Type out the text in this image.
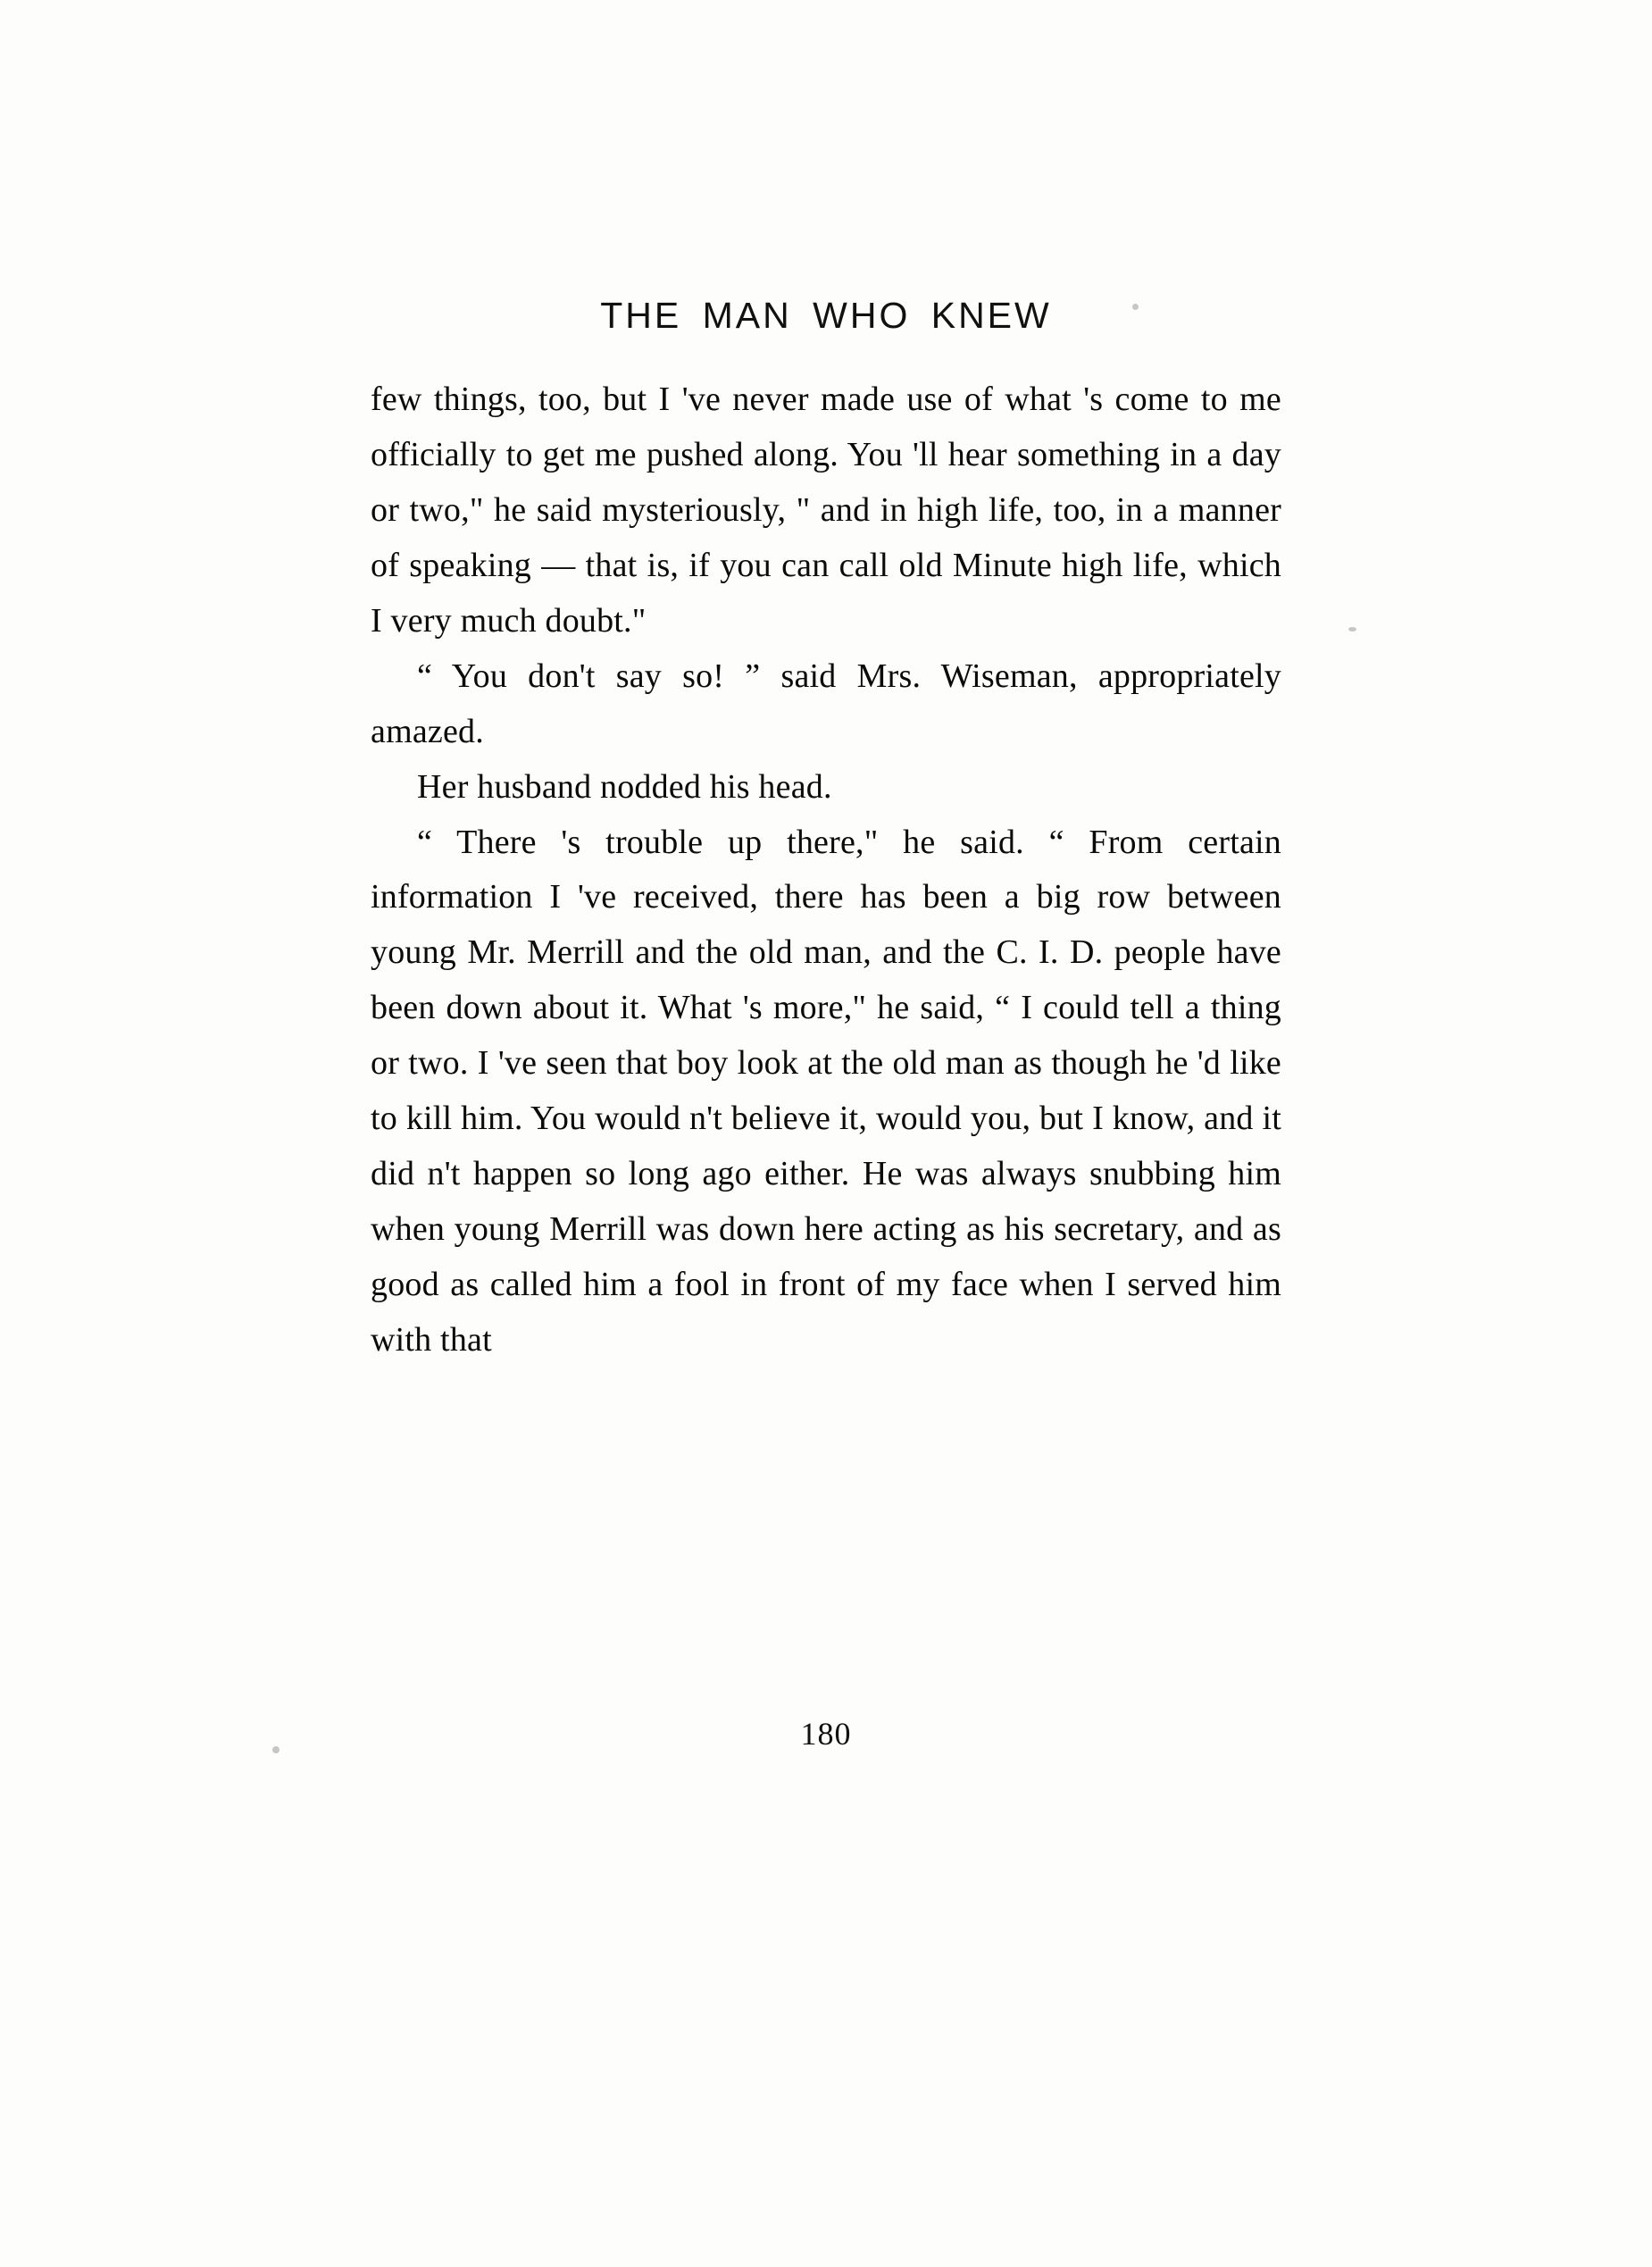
THE MAN WHO KNEW

few things, too, but I 've never made use of what 's come to me officially to get me pushed along. You 'll hear something in a day or two," he said mysteriously, " and in high life, too, in a manner of speaking — that is, if you can call old Minute high life, which I very much doubt."

“ You don't say so! ” said Mrs. Wiseman, appropriately amazed.

Her husband nodded his head.

“ There 's trouble up there," he said. “ From certain information I 've received, there has been a big row between young Mr. Merrill and the old man, and the C. I. D. people have been down about it. What 's more," he said, “ I could tell a thing or two. I 've seen that boy look at the old man as though he 'd like to kill him. You would n't believe it, would you, but I know, and it did n't happen so long ago either. He was always snubbing him when young Merrill was down here acting as his secretary, and as good as called him a fool in front of my face when I served him with that

180
